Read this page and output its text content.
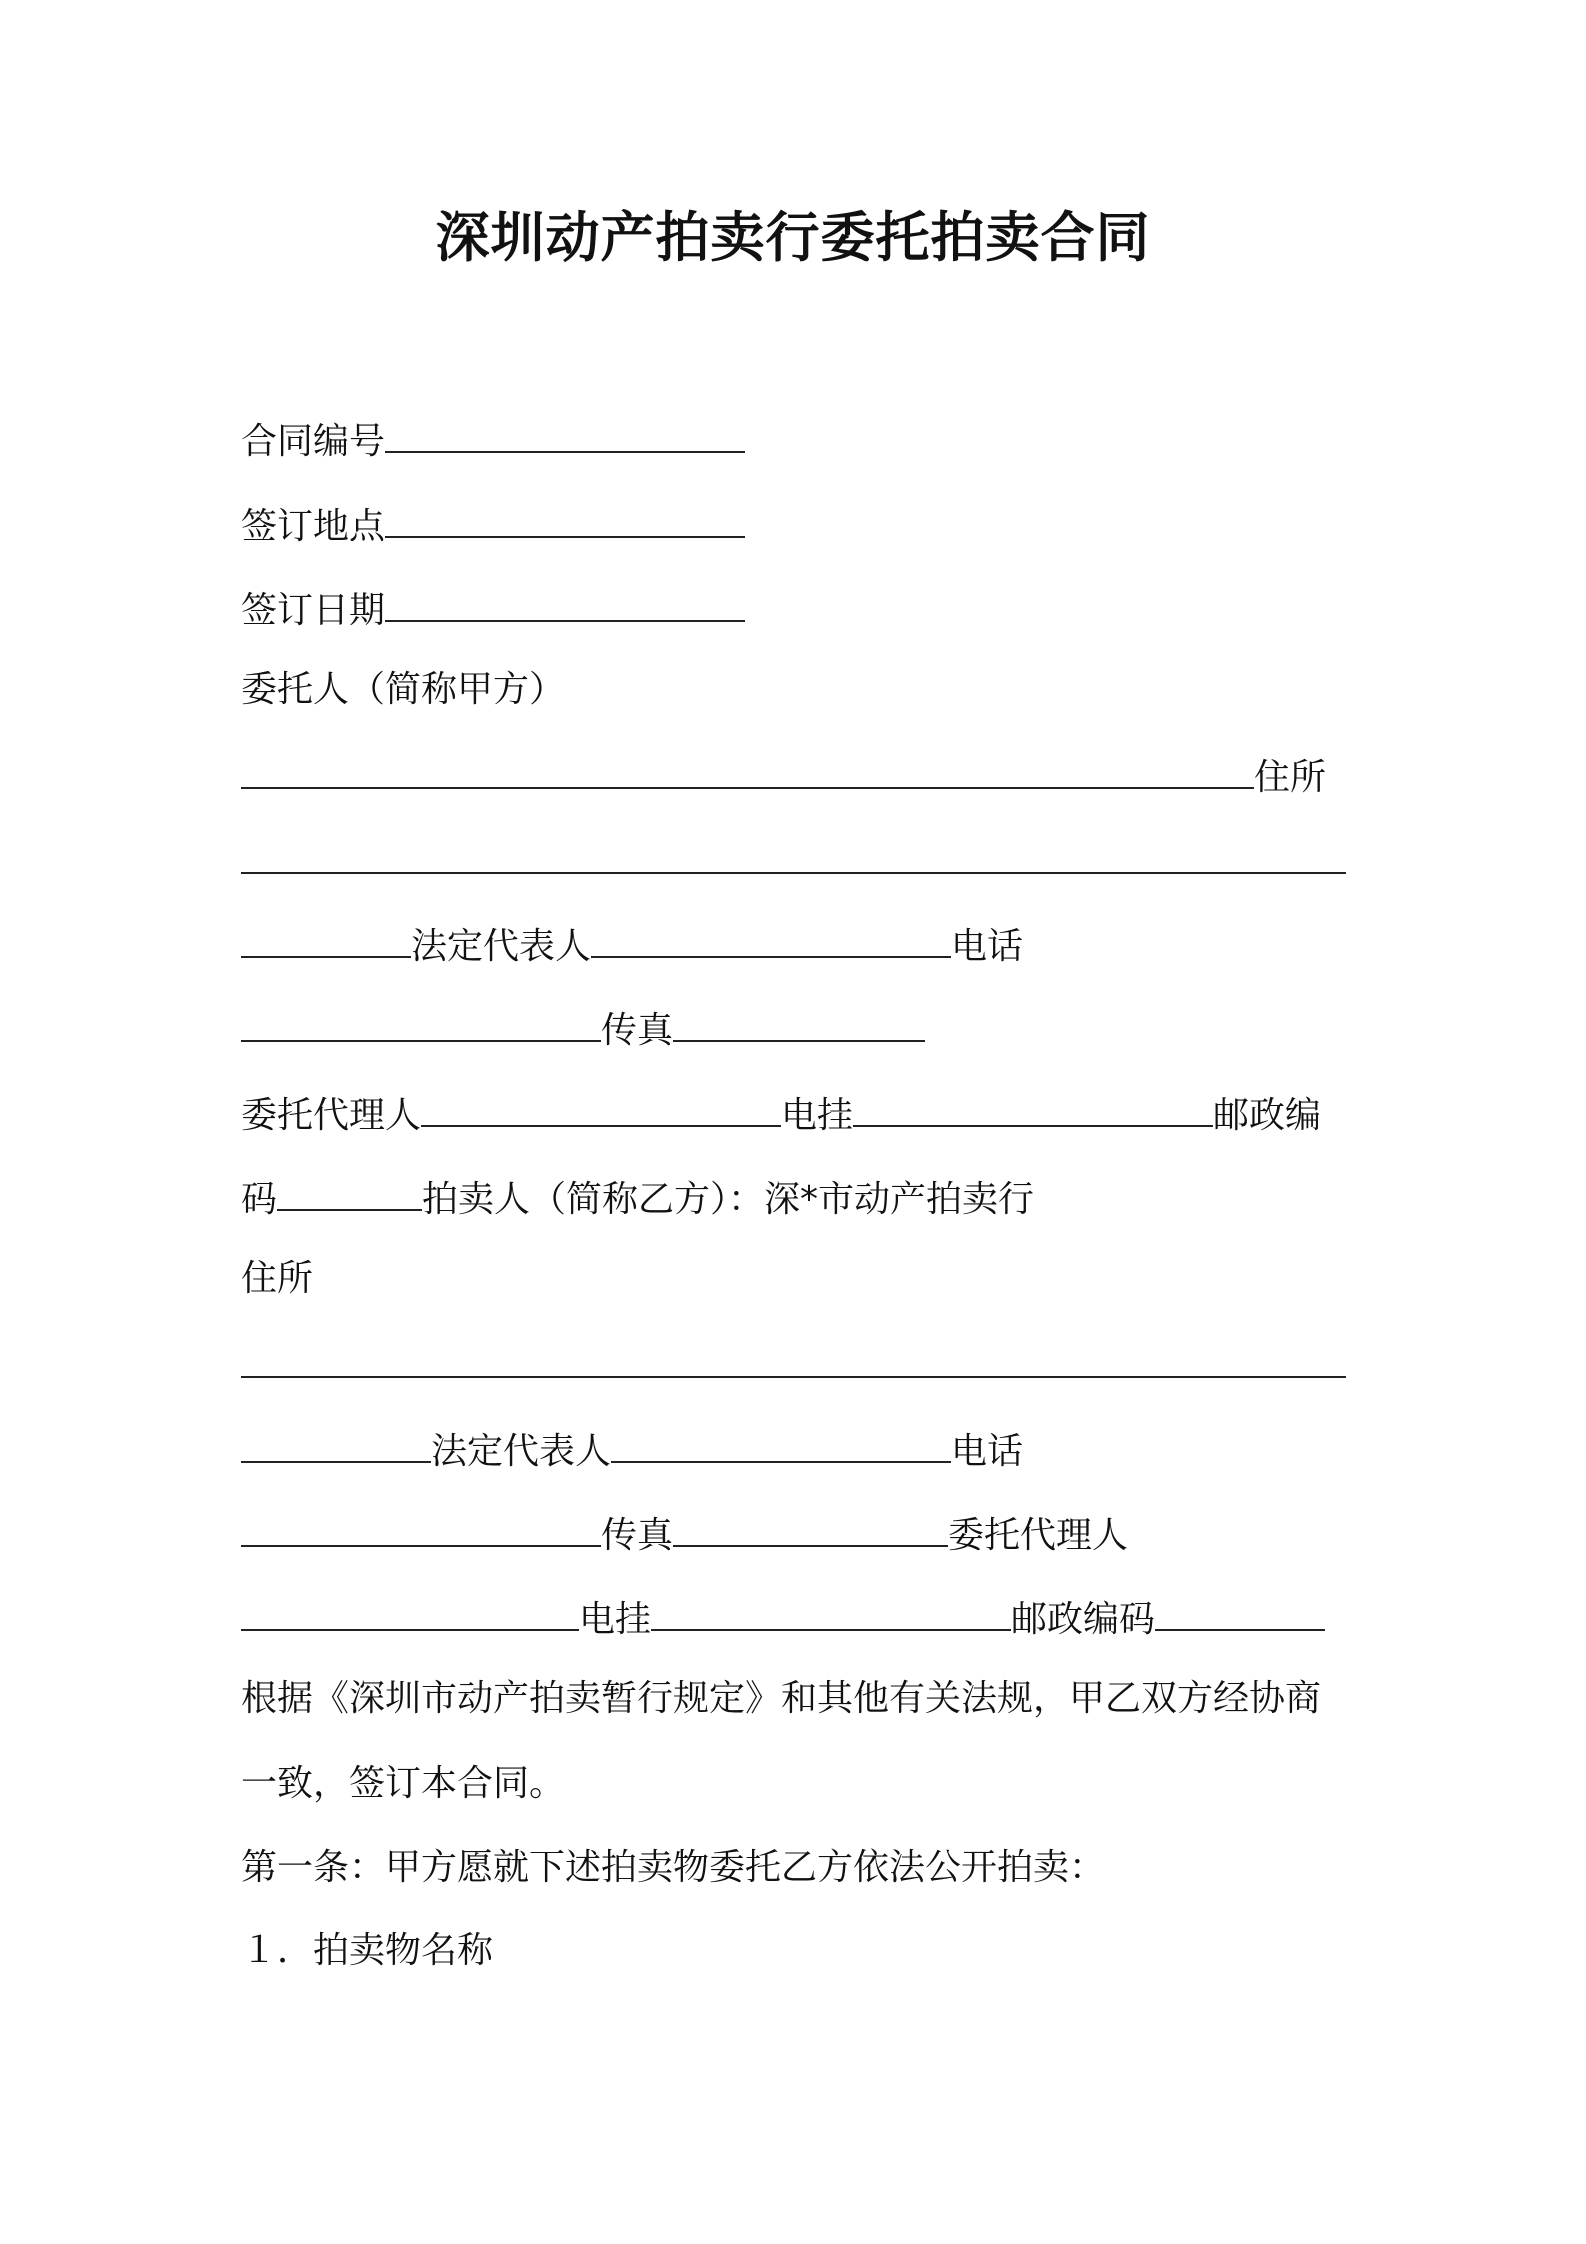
深圳动产拍卖行委托拍卖合同
合同编号
签订地点
签订日期
委托人（简称甲方）
住所
法定代表人	电话
传真
委托代理人	电挂	邮政编
码	拍卖人（简称乙方）：深*市动产拍卖行
住所
法定代表人	电话
传真	委托代理人
电挂	邮政编码
根据《深圳市动产拍卖暂行规定》和其他有关法规，甲乙双方经协商
一致，签订本合同。
第一条：甲方愿就下述拍卖物委托乙方依法公开拍卖：
１．拍卖物名称
